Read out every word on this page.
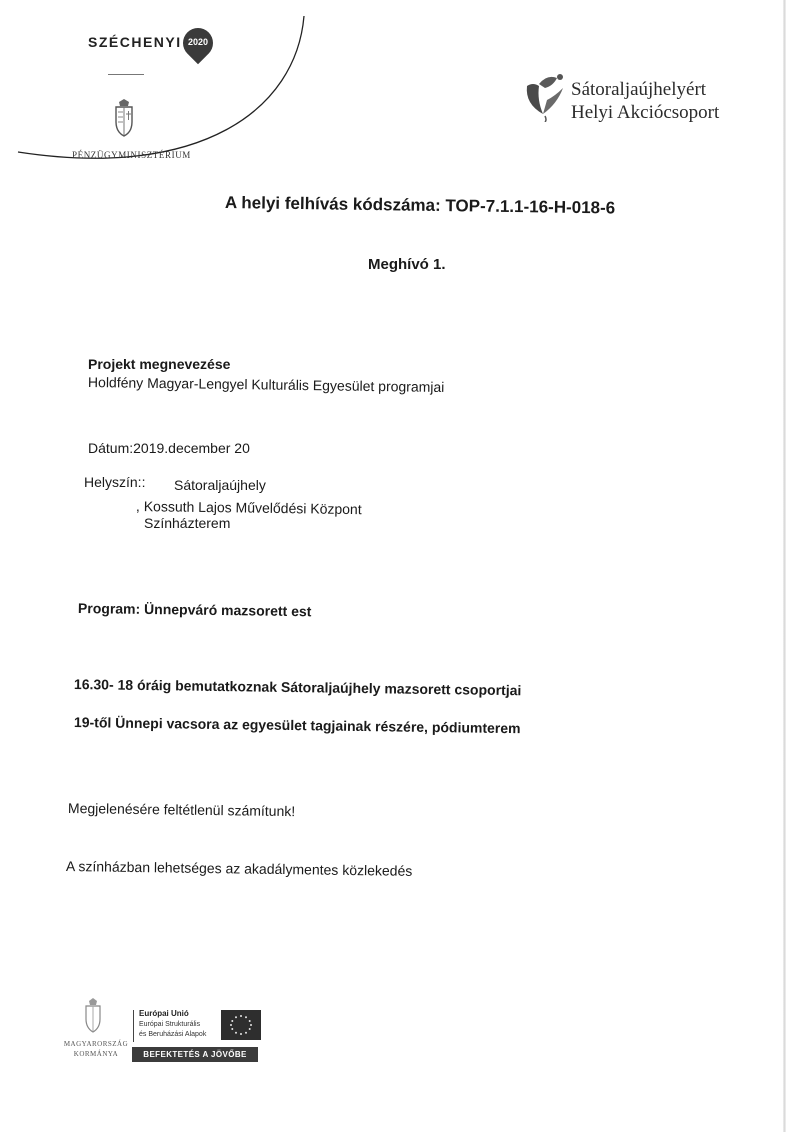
SZÉCHENYI 2020
PÉNZÜGYMINISZTÉRIUM
Sátoraljaújhelyért
Helyi Akciócsoport
A helyi felhívás kódszáma: TOP-7.1.1-16-H-018-6
Meghívó 1.
Projekt megnevezése
Holdfény Magyar-Lengyel Kulturális Egyesület programjai
Dátum:2019.december 20
Helyszín:: Sátoraljaújhely
, Kossuth Lajos Művelődési Központ
Színházterem
Program: Ünnepváró mazsorett est
16.30- 18 óráig bemutatkoznak Sátoraljaújhely mazsorett csoportjai
19-től Ünnepi vacsora az egyesület tagjainak részére, pódiumterem
Megjelenésére feltétlenül számítunk!
A színházban lehetséges az akadálymentes közlekedés
MAGYARORSZÁG
KORMÁNYA
Európai Unió
Európai Strukturális
és Beruházási Alapok
BEFEKTETÉS A JÖVŐBE
